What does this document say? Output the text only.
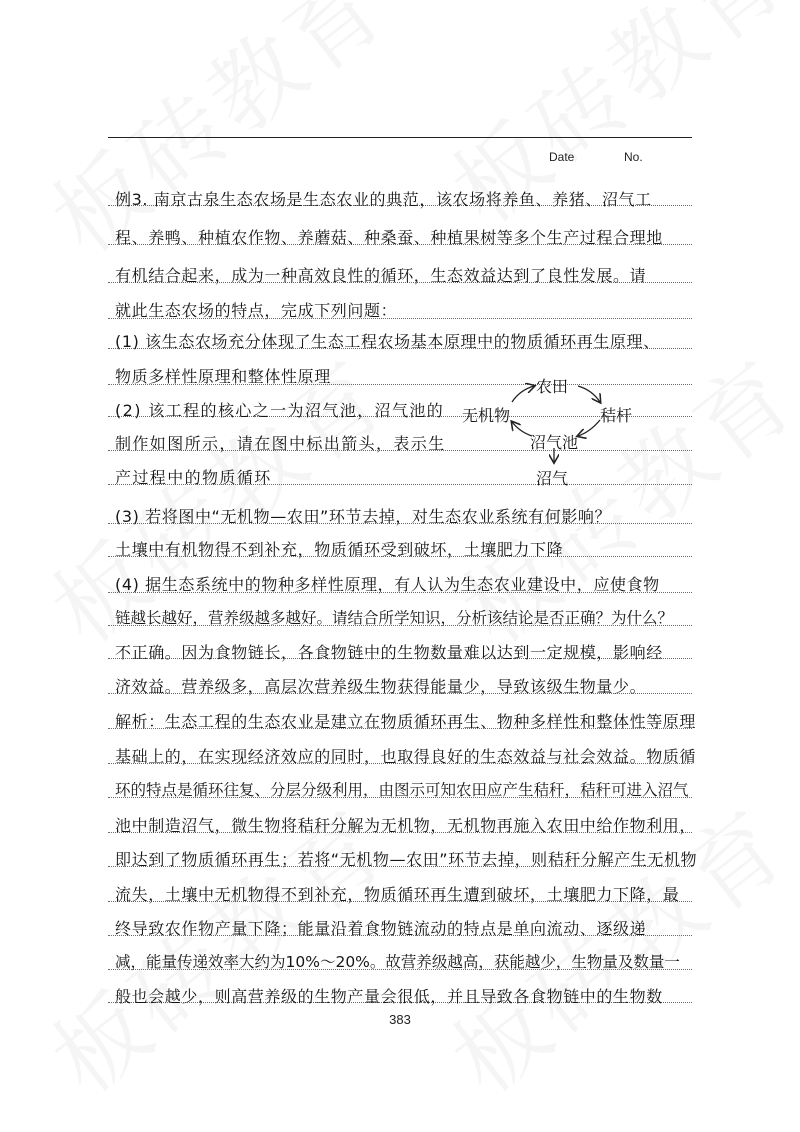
Date	No.
例3. 南京古泉生态农场是生态农业的典范，该农场将养鱼、养猪、沼气工
程、养鸭、种植农作物、养蘑菇、种桑蚕、种植果树等多个生产过程合理地
有机结合起来，成为一种高效良性的循环，生态效益达到了良性发展。请
就此生态农场的特点，完成下列问题：
(1) 该生态农场充分体现了生态工程农场基本原理中的物质循环再生原理、
物质多样性原理和整体性原理
(2) 该工程的核心之一为沼气池，沼气池的
制作如图所示，请在图中标出箭头，表示生
产过程中的物质循环
(3) 若将图中“无机物—农田”环节去掉，对生态农业系统有何影响？
土壤中有机物得不到补充，物质循环受到破坏，土壤肥力下降
(4) 据生态系统中的物种多样性原理，有人认为生态农业建设中，应使食物
链越长越好，营养级越多越好。请结合所学知识，分析该结论是否正确？为什么？
不正确。因为食物链长，各食物链中的生物数量难以达到一定规模，影响经
济效益。营养级多，高层次营养级生物获得能量少，导致该级生物量少。
解析：生态工程的生态农业是建立在物质循环再生、物种多样性和整体性等原理
基础上的，在实现经济效应的同时，也取得良好的生态效益与社会效益。物质循
环的特点是循环往复、分层分级利用，由图示可知农田应产生秸秆，秸秆可进入沼气
池中制造沼气，微生物将秸秆分解为无机物，无机物再施入农田中给作物利用，
即达到了物质循环再生；若将“无机物—农田”环节去掉，则秸秆分解产生无机物
流失，土壤中无机物得不到补充，物质循环再生遭到破坏，土壤肥力下降，最
终导致农作物产量下降；能量沿着食物链流动的特点是单向流动、逐级递
减，能量传递效率大约为10%～20%。故营养级越高，获能越少，生物量及数量一
般也会越少，则高营养级的生物产量会很低，并且导致各食物链中的生物数
农田
秸杆
沼气池
无机物
沼气
383
